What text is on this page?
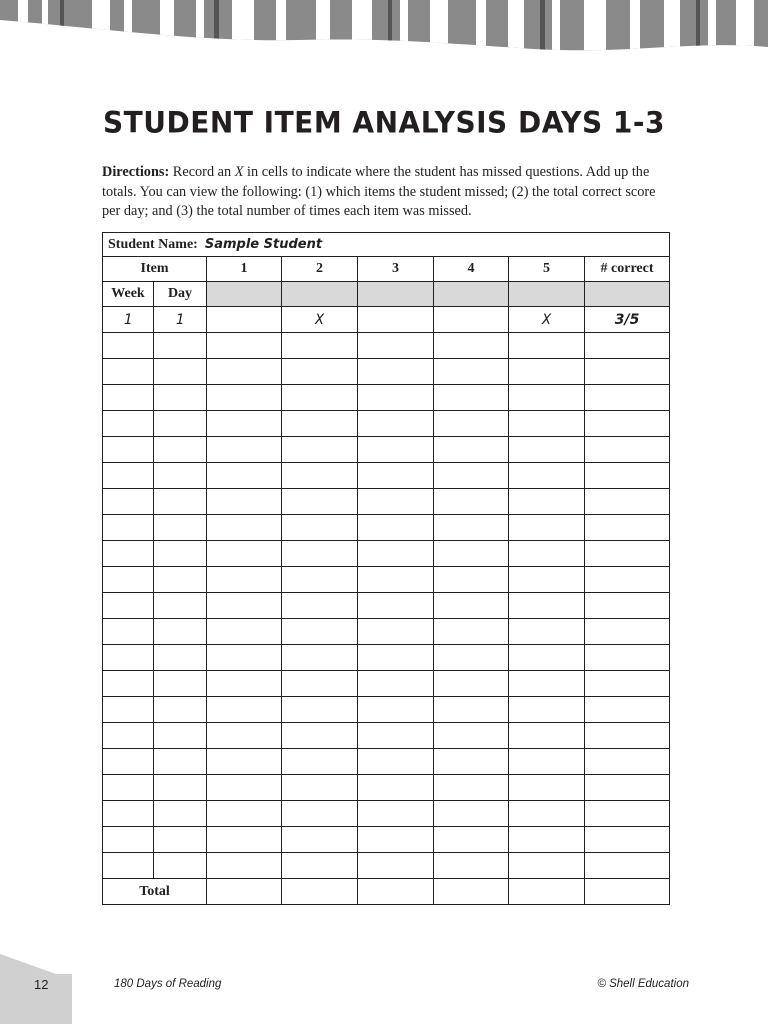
STUDENT ITEM ANALYSIS DAYS 1-3

Directions: Record an X in cells to indicate where the student has missed questions. Add up the totals. You can view the following: (1) which items the student missed; (2) the total correct score per day; and (3) the total number of times each item was missed.

Student Name: Sample Student							
Item		1	2	3	4	5	# correct
Week	Day						
1	1		X			X	3/5

Total							
12	180 Days of Reading	© Shell Education
